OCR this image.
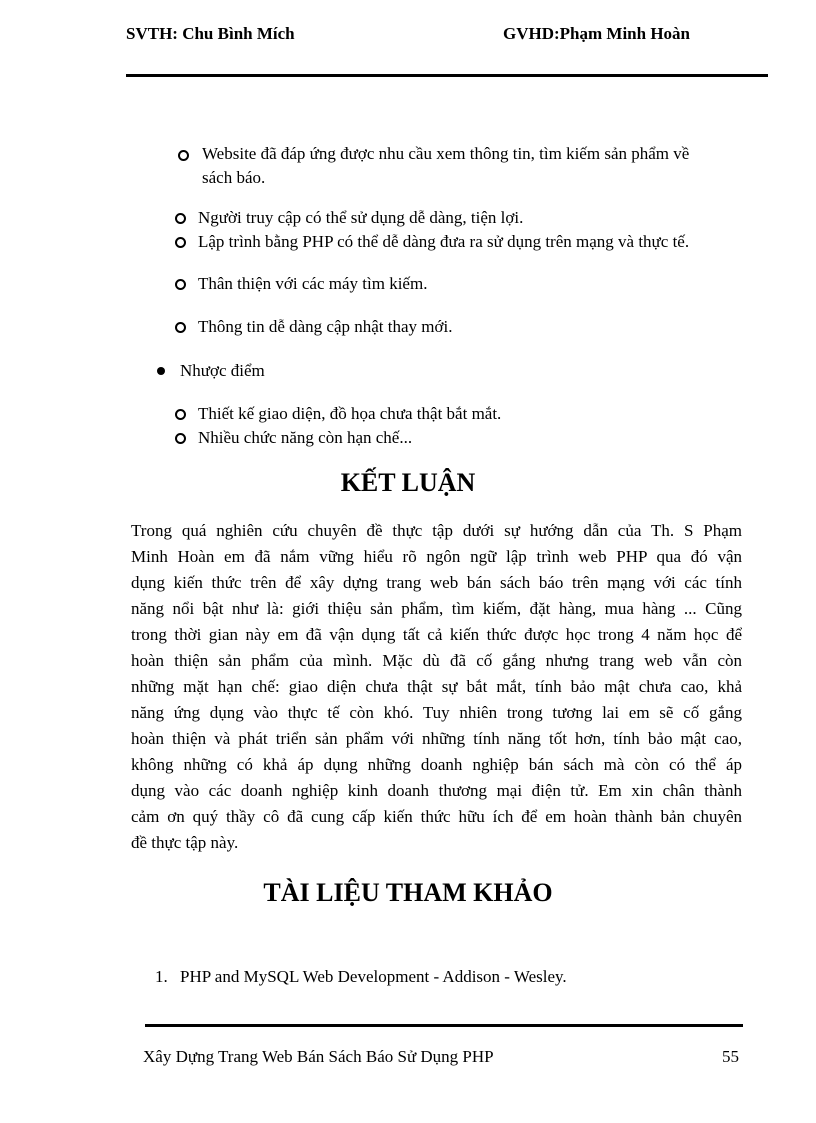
SVTH: Chu Bình Mích	GVHD:Phạm Minh Hoàn
Website đã đáp ứng được nhu cầu xem thông tin, tìm kiếm sản phẩm về
sách báo.
Người truy cập có thể sử dụng dễ dàng, tiện lợi.
Lập trình bằng PHP có thể dễ dàng đưa ra sử dụng trên mạng và thực tế.
Thân thiện với các máy tìm kiếm.
Thông tin dễ dàng cập nhật thay mới.
Nhược điểm
Thiết kế giao diện, đồ họa chưa thật bắt mắt.
Nhiều chức năng còn hạn chế...
KẾT LUẬN
Trong quá nghiên cứu chuyên đề thực tập dưới sự hướng dẫn của Th. S Phạm
Minh Hoàn em đã nắm vững hiểu rõ ngôn ngữ lập trình web PHP qua đó vận
dụng kiến thức trên để xây dựng trang web bán sách báo trên mạng với các tính
năng nổi bật như là: giới thiệu sản phẩm, tìm kiếm, đặt hàng, mua hàng ... Cũng
trong thời gian này em đã vận dụng tất cả kiến thức được học trong 4 năm học để
hoàn thiện sản phẩm của mình. Mặc dù đã cố gắng nhưng trang web vẫn còn
những mặt hạn chế: giao diện chưa thật sự bắt mắt, tính bảo mật chưa cao, khả
năng ứng dụng vào thực tế còn khó. Tuy nhiên trong tương lai em sẽ cố gắng
hoàn thiện và phát triển sản phẩm với những tính năng tốt hơn, tính bảo mật cao,
không những có khả áp dụng những doanh nghiệp bán sách mà còn có thể áp
dụng vào các doanh nghiệp kinh doanh thương mại điện tử. Em xin chân thành
cảm ơn quý thầy cô đã cung cấp kiến thức hữu ích để em hoàn thành bản chuyên
đề thực tập này.
TÀI LIỆU THAM KHẢO
1. PHP and MySQL Web Development - Addison - Wesley.
Xây Dựng Trang Web Bán Sách Báo Sử Dụng PHP	55
